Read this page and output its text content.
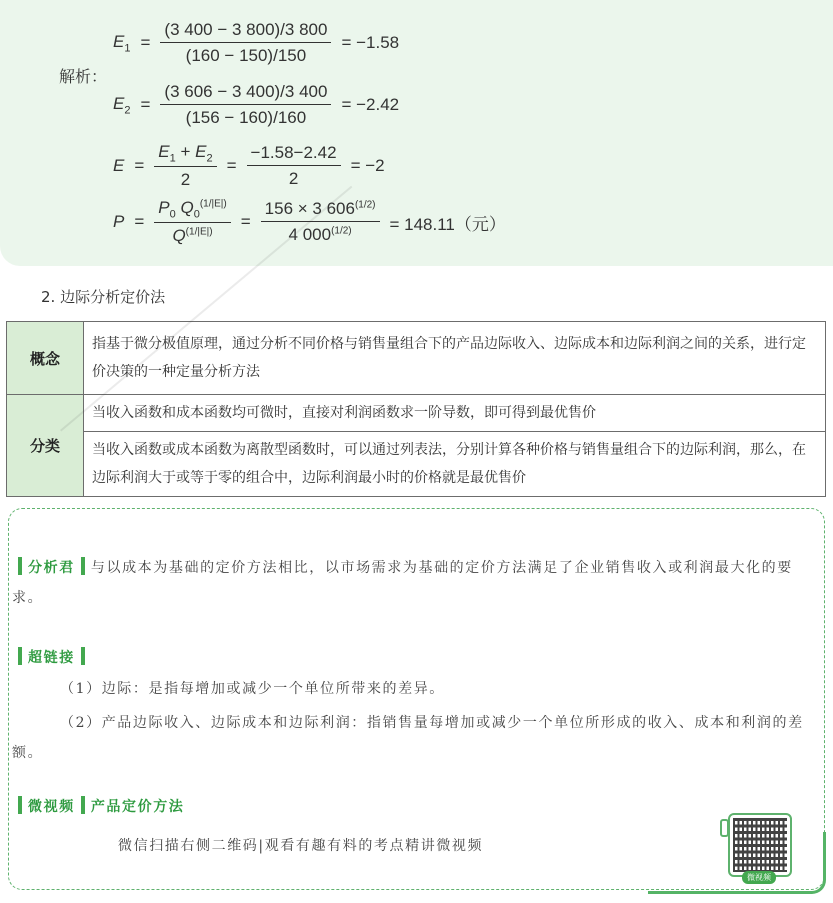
解析：
$E_1 = \frac{(3 400 - 3 800)/3 800}{(160 - 150)/150} = -1.58$
$E_2 = \frac{(3 606 - 3 400)/3 400}{(156 - 160)/160} = -2.42$
$E = \frac{E_1 + E_2}{2} = \frac{-1.58-2.42}{2} = -2$
$P = \frac{P_0 Q_0^{(1/|E|)}}{Q^{(1/|E|)}} = \frac{156 \times 3 606^{(1/2)}}{4 000^{(1/2)}} = 148.11$（元）
2. 边际分析定价法
概念	指基于微分极值原理，通过分析不同价格与销售量组合下的产品边际收入、边际成本和边际利润之间的关系，进行定价决策的一种定量分析方法
分类	当收入函数和成本函数均可微时，直接对利润函数求一阶导数，即可得到最优售价
	当收入函数或成本函数为离散型函数时，可以通过列表法，分别计算各种价格与销售量组合下的边际利润，那么，在边际利润大于或等于零的组合中，边际利润最小时的价格就是最优售价
分析君 与以成本为基础的定价方法相比，以市场需求为基础的定价方法满足了企业销售收入或利润最大化的要求。
超链接
（1）边际：是指每增加或减少一个单位所带来的差异。
（2）产品边际收入、边际成本和边际利润：指销售量每增加或减少一个单位所形成的收入、成本和利润的差额。
微视频 产品定价方法
微信扫描右侧二维码|观看有趣有料的考点精讲微视频
微视频
